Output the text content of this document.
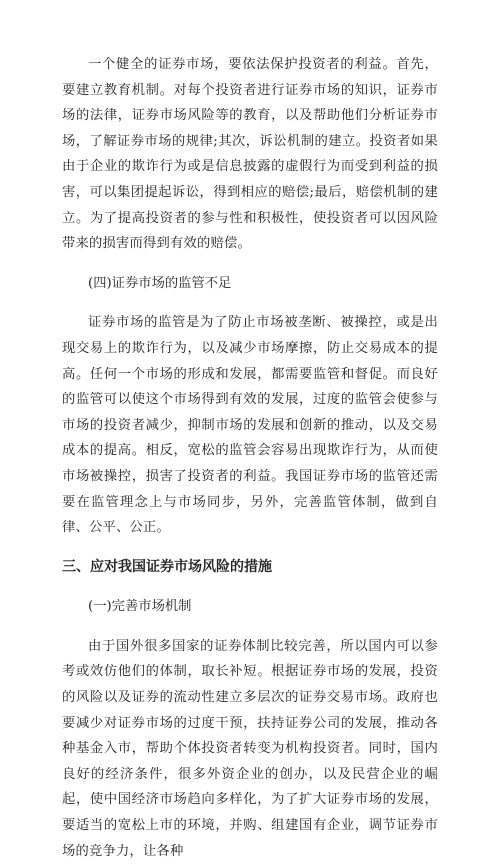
一个健全的证券市场，要依法保护投资者的利益。首先，要建立教育机制。对每个投资者进行证券市场的知识，证券市场的法律，证券市场风险等的教育，以及帮助他们分析证券市场，了解证券市场的规律;其次，诉讼机制的建立。投资者如果由于企业的欺诈行为或是信息披露的虚假行为而受到利益的损害，可以集团提起诉讼，得到相应的赔偿;最后，赔偿机制的建立。为了提高投资者的参与性和积极性，使投资者可以因风险带来的损害而得到有效的赔偿。

(四)证券市场的监管不足

证券市场的监管是为了防止市场被垄断、被操控，或是出现交易上的欺诈行为，以及减少市场摩擦，防止交易成本的提高。任何一个市场的形成和发展，都需要监管和督促。而良好的监管可以使这个市场得到有效的发展，过度的监管会使参与市场的投资者减少，抑制市场的发展和创新的推动，以及交易成本的提高。相反，宽松的监管会容易出现欺诈行为，从而使市场被操控，损害了投资者的利益。我国证券市场的监管还需要在监管理念上与市场同步，另外，完善监管体制，做到自律、公平、公正。

三、应对我国证券市场风险的措施

(一)完善市场机制

由于国外很多国家的证券体制比较完善，所以国内可以参考或效仿他们的体制，取长补短。根据证券市场的发展，投资的风险以及证券的流动性建立多层次的证券交易市场。政府也要减少对证券市场的过度干预，扶持证券公司的发展，推动各种基金入市，帮助个体投资者转变为机构投资者。同时，国内良好的经济条件，很多外资企业的创办，以及民营企业的崛起，使中国经济市场趋向多样化，为了扩大证券市场的发展，要适当的宽松上市的环境，并购、组建国有企业，调节证券市场的竞争力，让各种
